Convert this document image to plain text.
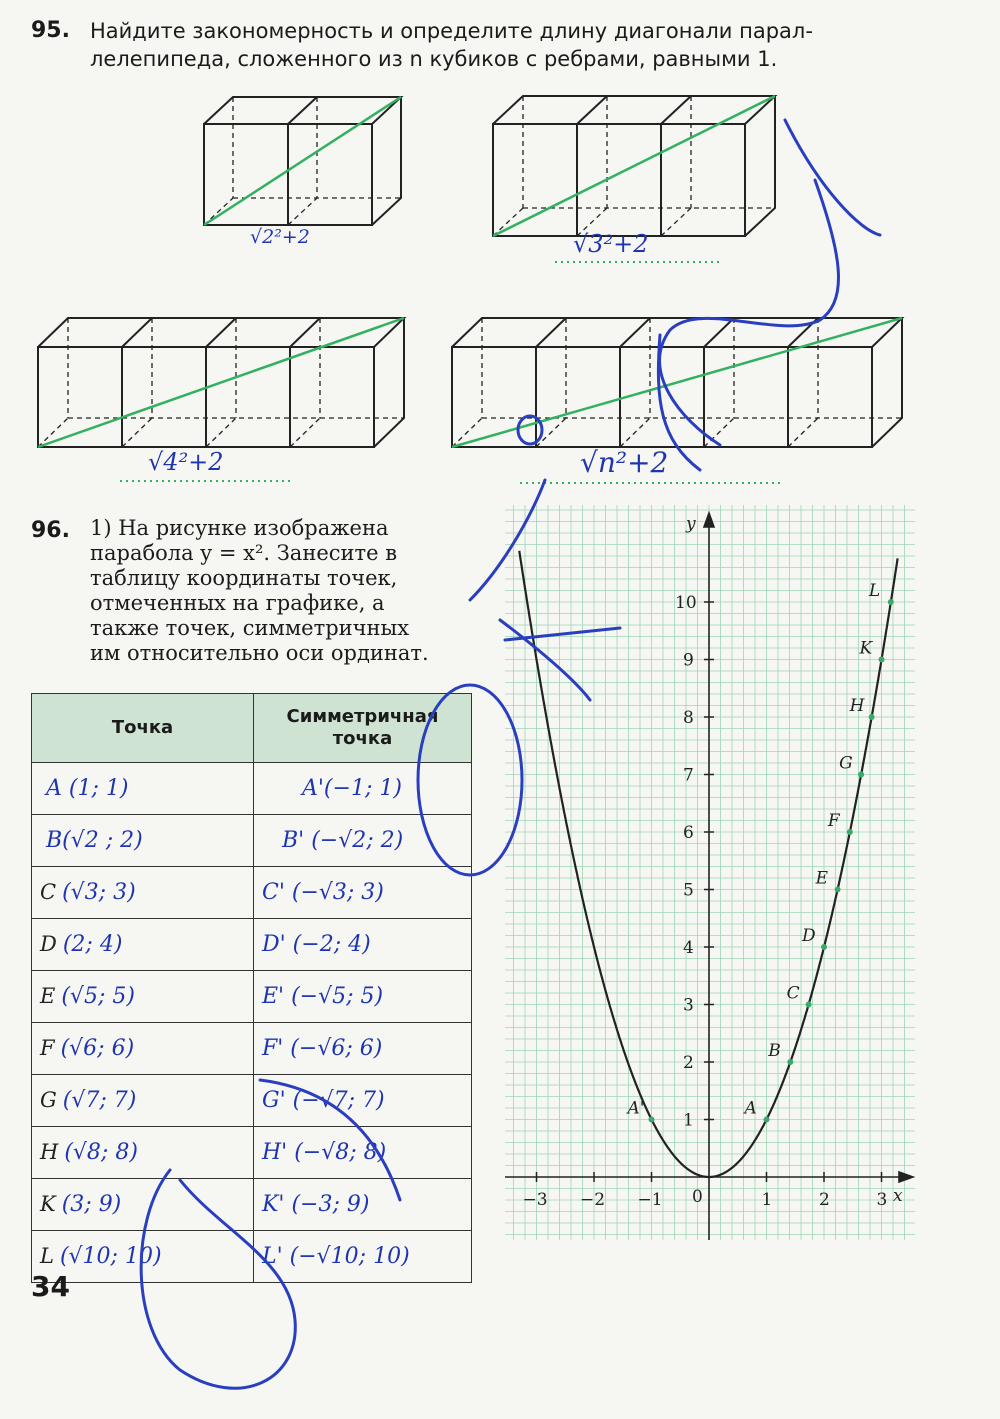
95. Найдите закономерность и определите длину диагонали парал-
лелепипеда, сложенного из n кубиков с ребрами, равными 1.
√2²+2	√3²+2
√4²+2	√n²+2
96. 1) На рисунке изображена
парабола y = x². Занесите в
таблицу координаты точек,
отмеченных на графике, а
также точек, симметричных
им относительно оси ординат.
Точка	Симметричная точка
A (1; 1)	A'(−1; 1)
B(√2 ; 2)	B' (−√2; 2)
C (√3; 3)	C' (−√3; 3)
D (2; 4)	D' (−2; 4)
E (√5; 5)	E' (−√5; 5)
F (√6; 6)	F' (−√6; 6)
G (√7; 7)	G' (−√7; 7)
H (√8; 8)	H' (−√8; 8)
K (3; 9)	K' (−3; 9)
L (√10; 10)	L' (−√10; 10)
−3 −2 −1	1	2	3
0	x
y
1
2
3
4
5
6
7
8
9
10
A
A'
B
C
D
E
F
G
H
K
L
34
